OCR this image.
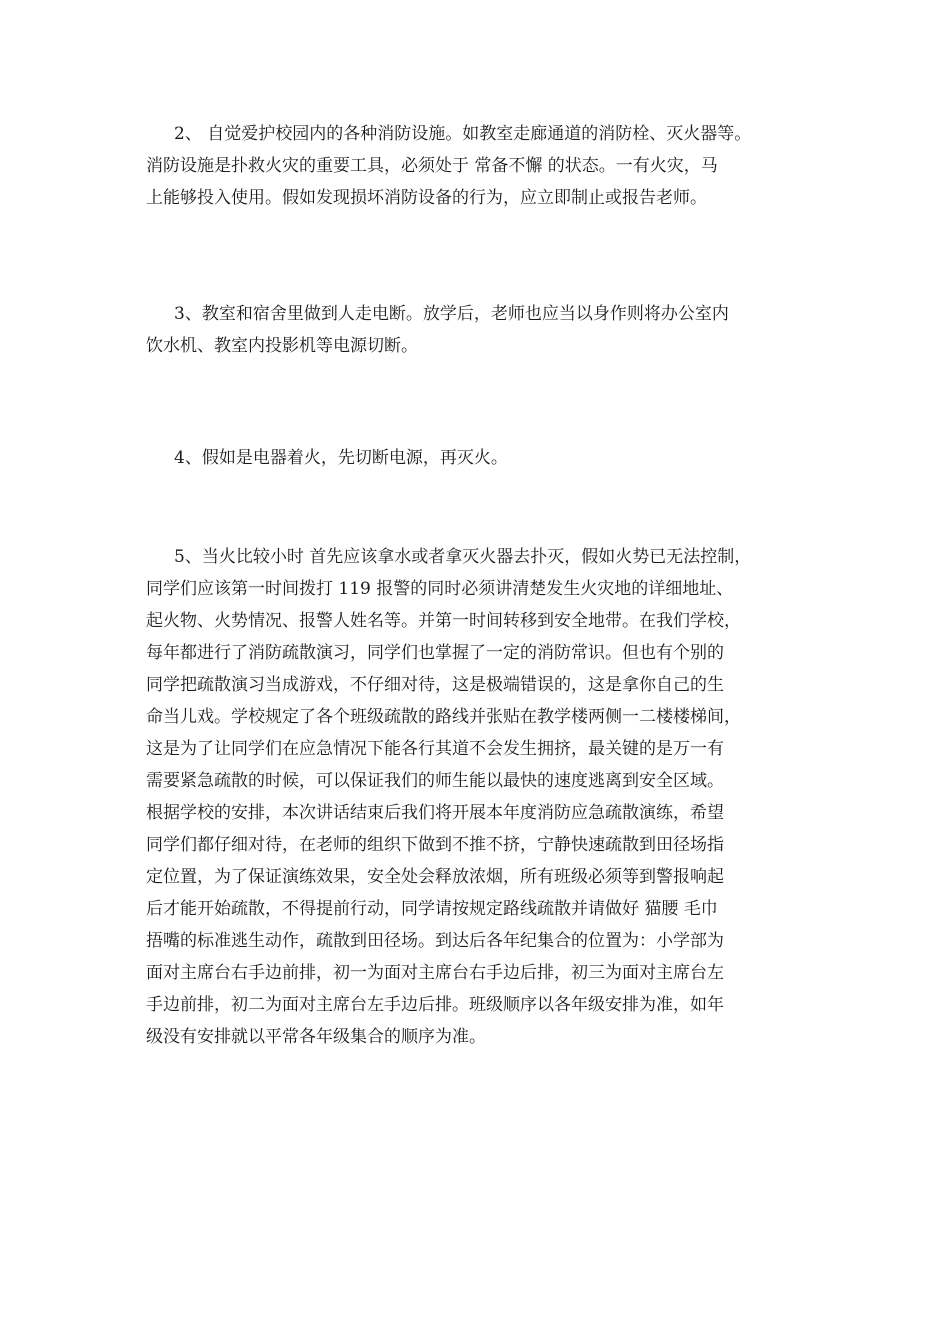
2、 自觉爱护校园内的各种消防设施。如教室走廊通道的消防栓、灭火器等。
消防设施是扑救火灾的重要工具，必须处于 常备不懈 的状态。一有火灾，马
上能够投入使用。假如发现损坏消防设备的行为，应立即制止或报告老师。
3、教室和宿舍里做到人走电断。放学后，老师也应当以身作则将办公室内
饮水机、教室内投影机等电源切断。
4、假如是电器着火，先切断电源，再灭火。
5、当火比较小时 首先应该拿水或者拿灭火器去扑灭，假如火势已无法控制，
同学们应该第一时间拨打 119 报警的同时必须讲清楚发生火灾地的详细地址、
起火物、火势情况、报警人姓名等。并第一时间转移到安全地带。在我们学校，
每年都进行了消防疏散演习，同学们也掌握了一定的消防常识。但也有个别的
同学把疏散演习当成游戏，不仔细对待，这是极端错误的，这是拿你自己的生
命当儿戏。学校规定了各个班级疏散的路线并张贴在教学楼两侧一二楼楼梯间，
这是为了让同学们在应急情况下能各行其道不会发生拥挤，最关键的是万一有
需要紧急疏散的时候，可以保证我们的师生能以最快的速度逃离到安全区域。
根据学校的安排，本次讲话结束后我们将开展本年度消防应急疏散演练，希望
同学们都仔细对待，在老师的组织下做到不推不挤，宁静快速疏散到田径场指
定位置，为了保证演练效果，安全处会释放浓烟，所有班级必须等到警报响起
后才能开始疏散，不得提前行动，同学请按规定路线疏散并请做好 猫腰 毛巾
捂嘴的标准逃生动作，疏散到田径场。到达后各年纪集合的位置为：小学部为
面对主席台右手边前排，初一为面对主席台右手边后排，初三为面对主席台左
手边前排，初二为面对主席台左手边后排。班级顺序以各年级安排为准，如年
级没有安排就以平常各年级集合的顺序为准。
